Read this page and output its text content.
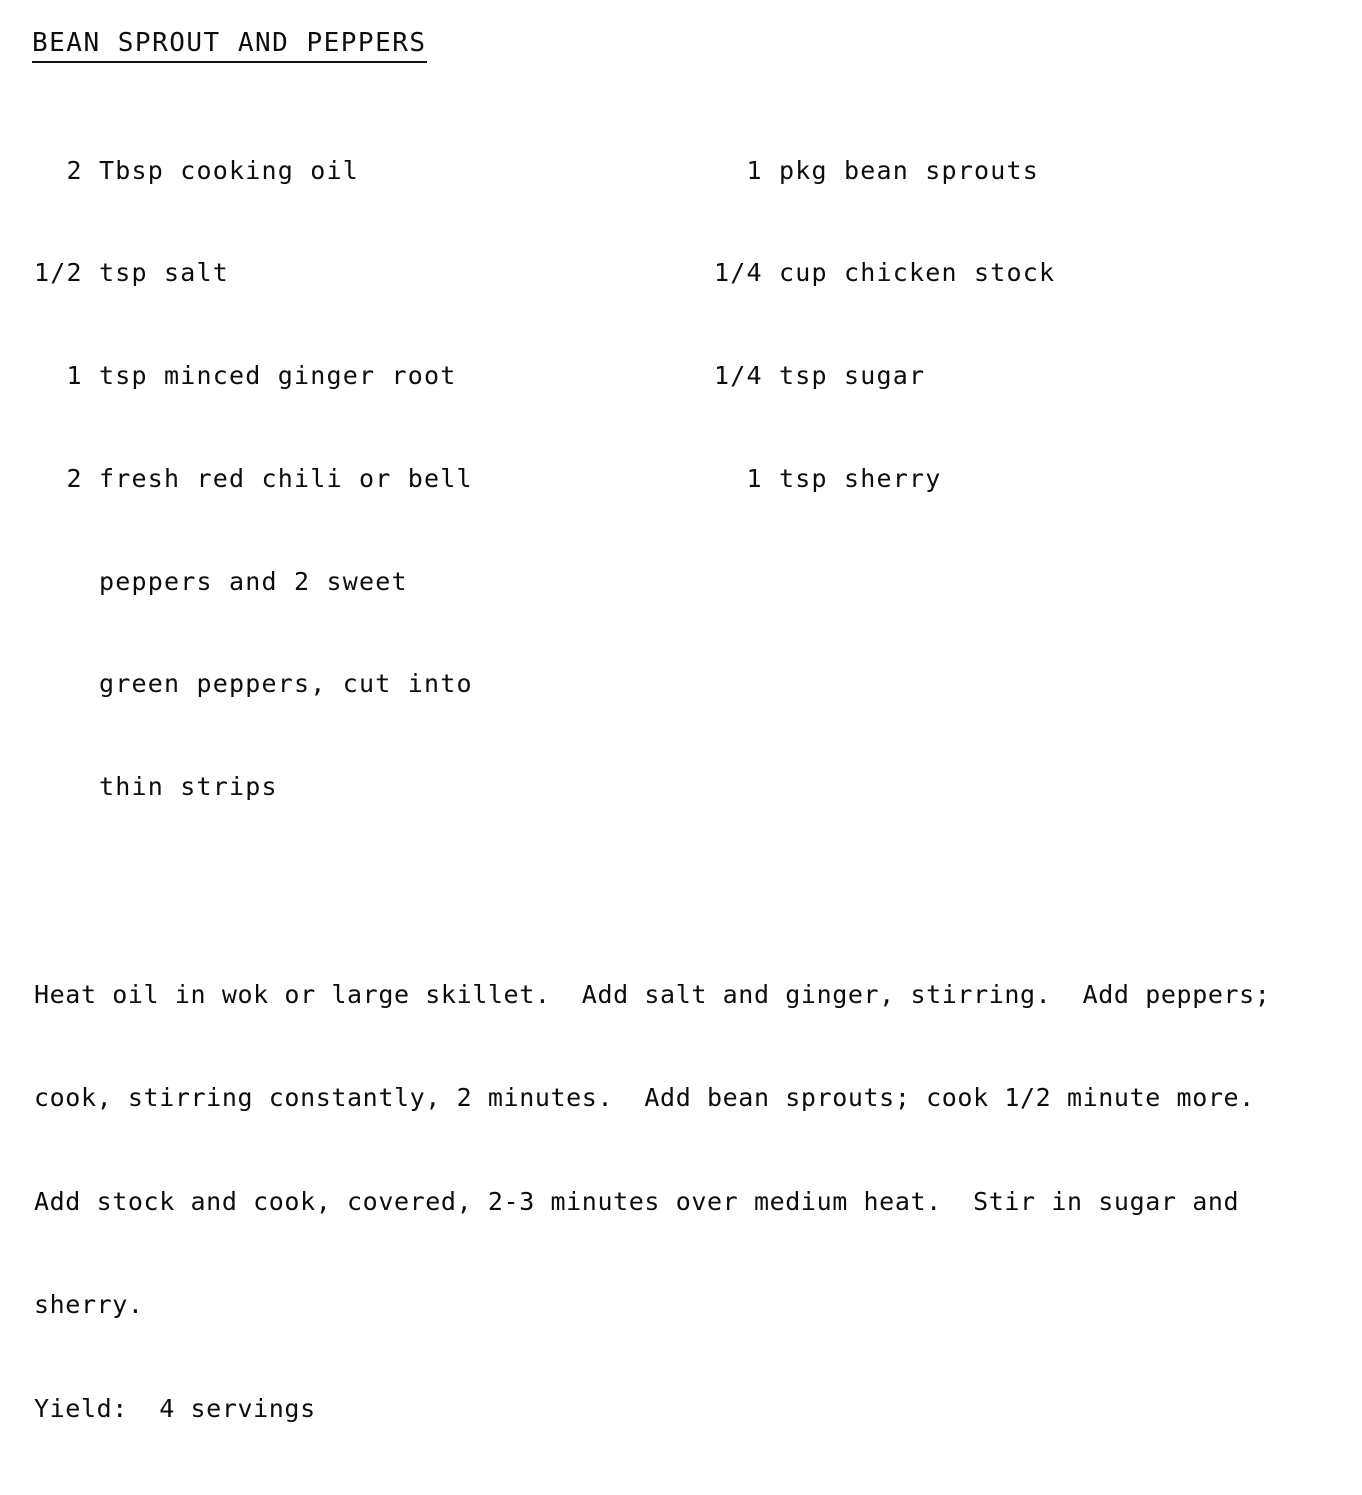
BEAN SPROUT AND PEPPERS

2 Tbsp cooking oil

1/2 tsp salt

1 tsp minced ginger root

2 fresh red chili or bell

peppers and 2 sweet

green peppers, cut into

thin strips

1 pkg bean sprouts

1/4 cup chicken stock

1/4 tsp sugar

1 tsp sherry

Heat oil in wok or large skillet.  Add salt and ginger, stirring.  Add peppers;

cook, stirring constantly, 2 minutes.  Add bean sprouts; cook 1/2 minute more.

Add stock and cook, covered, 2-3 minutes over medium heat.  Stir in sugar and

sherry.

Yield:  4 servings
